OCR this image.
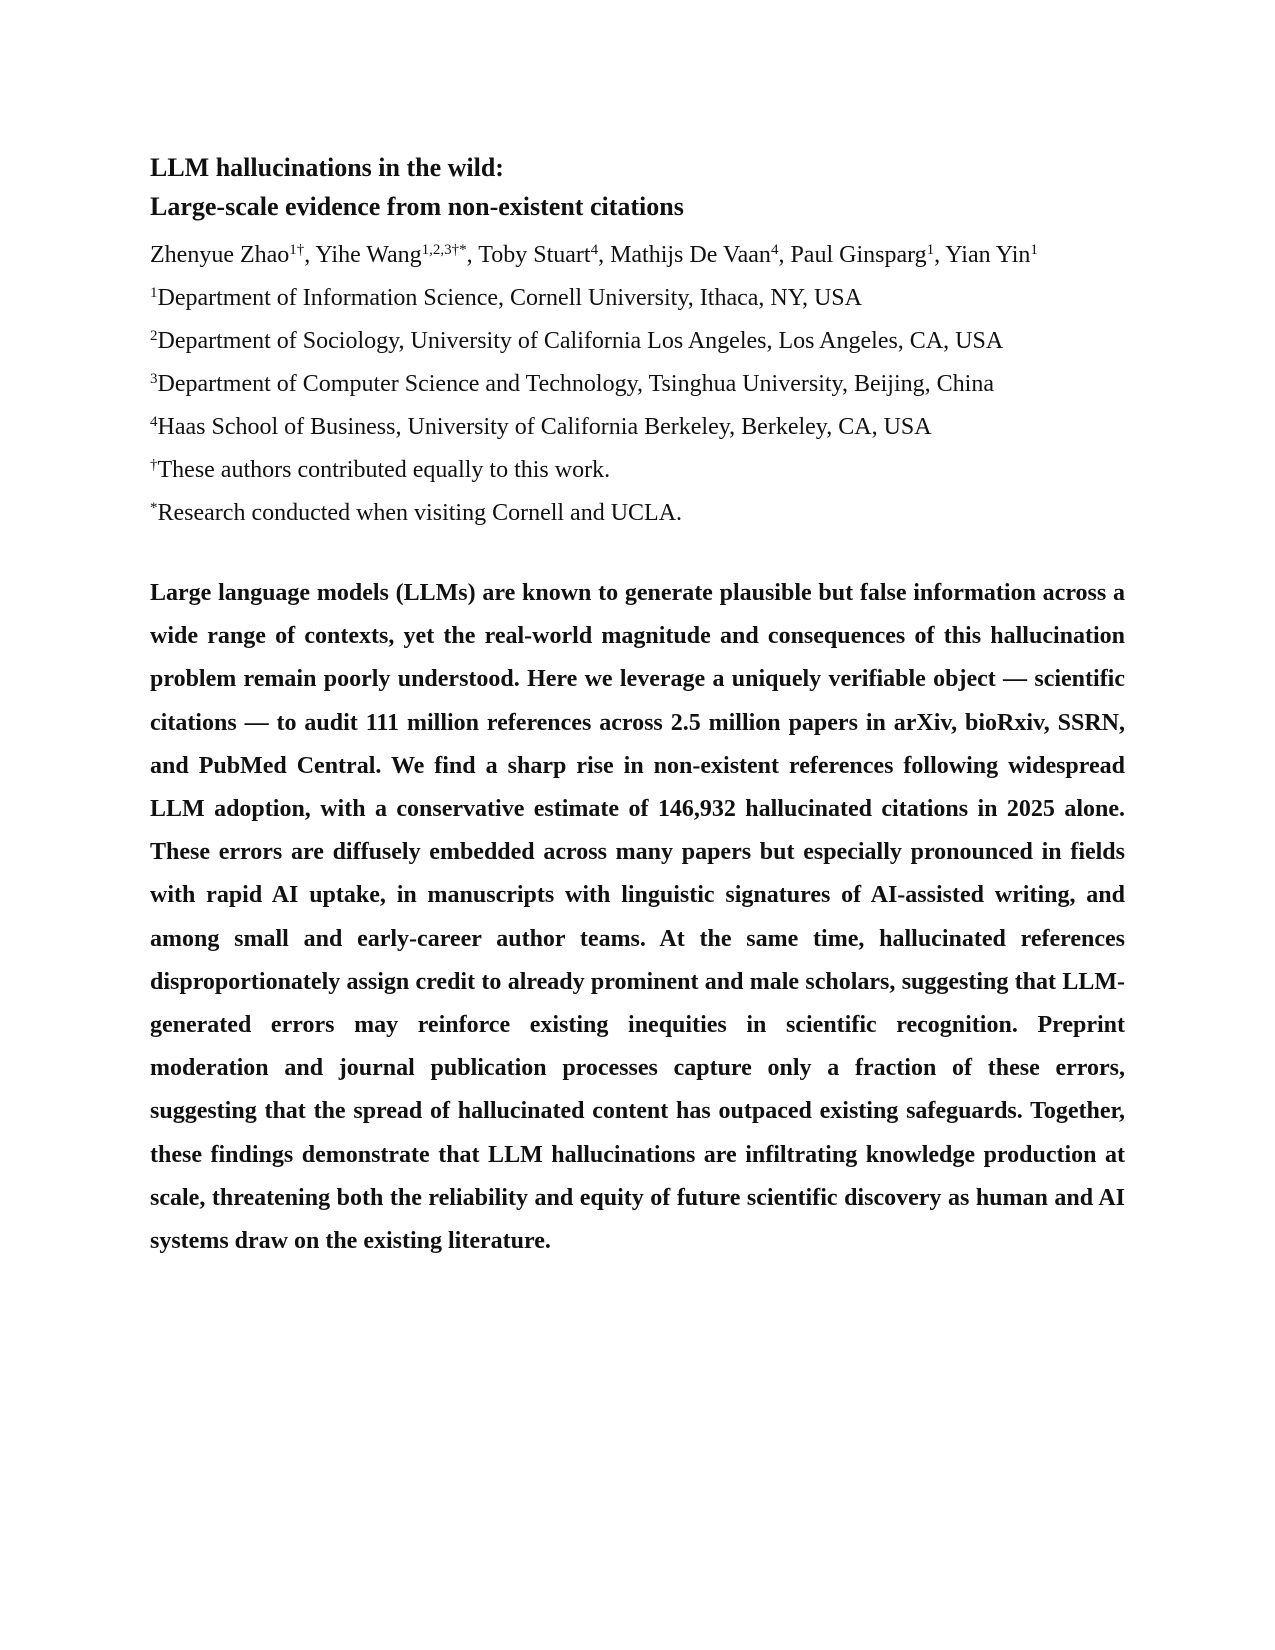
LLM hallucinations in the wild:

Large-scale evidence from non-existent citations

Zhenyue Zhao$^{1\dagger}$, Yihe Wang$^{1,2,3\dagger*}$, Toby Stuart$^4$, Mathijs De Vaan$^4$, Paul Ginsparg$^1$, Yian Yin$^1$
$^1$Department of Information Science, Cornell University, Ithaca, NY, USA
$^2$Department of Sociology, University of California Los Angeles, Los Angeles, CA, USA
$^3$Department of Computer Science and Technology, Tsinghua University, Beijing, China
$^4$Haas School of Business, University of California Berkeley, Berkeley, CA, USA
†These authors contributed equally to this work.
*Research conducted when visiting Cornell and UCLA.

Large language models (LLMs) are known to generate plausible but false information across a wide range of contexts, yet the real-world magnitude and consequences of this hallucination problem remain poorly understood. Here we leverage a uniquely verifiable object — scientific citations — to audit 111 million references across 2.5 million papers in arXiv, bioRxiv, SSRN, and PubMed Central. We find a sharp rise in non-existent references following widespread LLM adoption, with a conservative estimate of 146,932 hallucinated citations in 2025 alone. These errors are diffusely embedded across many papers but especially pronounced in fields with rapid AI uptake, in manuscripts with linguistic signatures of AI-assisted writing, and among small and early-career author teams. At the same time, hallucinated references disproportionately assign credit to already prominent and male scholars, suggesting that LLM-generated errors may reinforce existing inequities in scientific recognition. Preprint moderation and journal publication processes capture only a fraction of these errors, suggesting that the spread of hallucinated content has outpaced existing safeguards. Together, these findings demonstrate that LLM hallucinations are infiltrating knowledge production at scale, threatening both the reliability and equity of future scientific discovery as human and AI systems draw on the existing literature.
